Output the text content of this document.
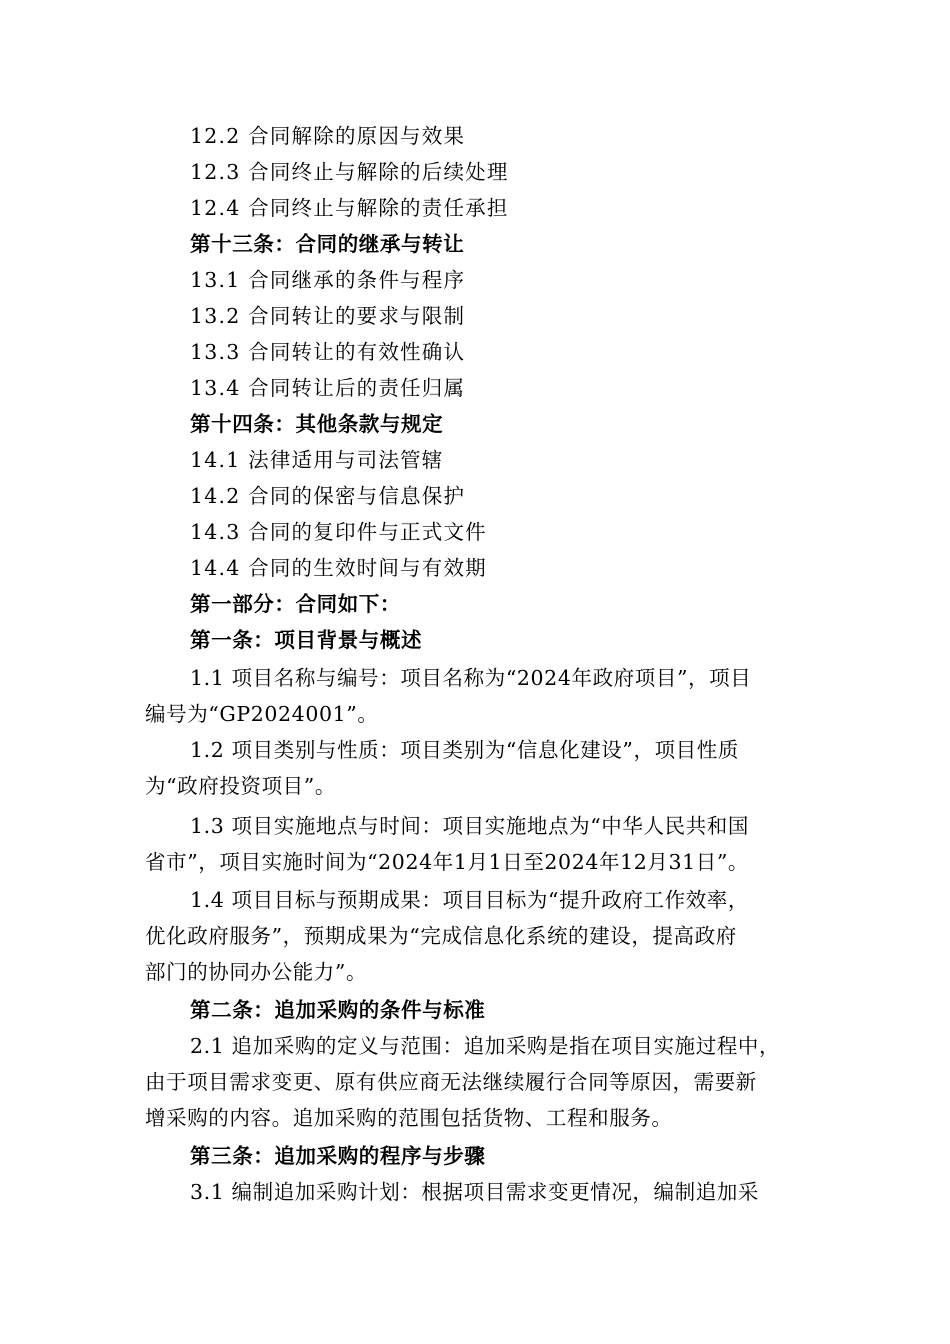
12.2 合同解除的原因与效果
12.3 合同终止与解除的后续处理
12.4 合同终止与解除的责任承担
第十三条：合同的继承与转让
13.1 合同继承的条件与程序
13.2 合同转让的要求与限制
13.3 合同转让的有效性确认
13.4 合同转让后的责任归属
第十四条：其他条款与规定
14.1 法律适用与司法管辖
14.2 合同的保密与信息保护
14.3 合同的复印件与正式文件
14.4 合同的生效时间与有效期
第一部分：合同如下：
第一条：项目背景与概述
1.1 项目名称与编号：项目名称为“2024年政府项目”，项目
编号为“GP2024001”。
1.2 项目类别与性质：项目类别为“信息化建设”，项目性质
为“政府投资项目”。
1.3 项目实施地点与时间：项目实施地点为“中华人民共和国
省市”，项目实施时间为“2024年1月1日至2024年12月31日”。
1.4 项目目标与预期成果：项目目标为“提升政府工作效率，
优化政府服务”，预期成果为“完成信息化系统的建设，提高政府
部门的协同办公能力”。
第二条：追加采购的条件与标准
2.1 追加采购的定义与范围：追加采购是指在项目实施过程中，
由于项目需求变更、原有供应商无法继续履行合同等原因，需要新
增采购的内容。追加采购的范围包括货物、工程和服务。
第三条：追加采购的程序与步骤
3.1 编制追加采购计划：根据项目需求变更情况，编制追加采
